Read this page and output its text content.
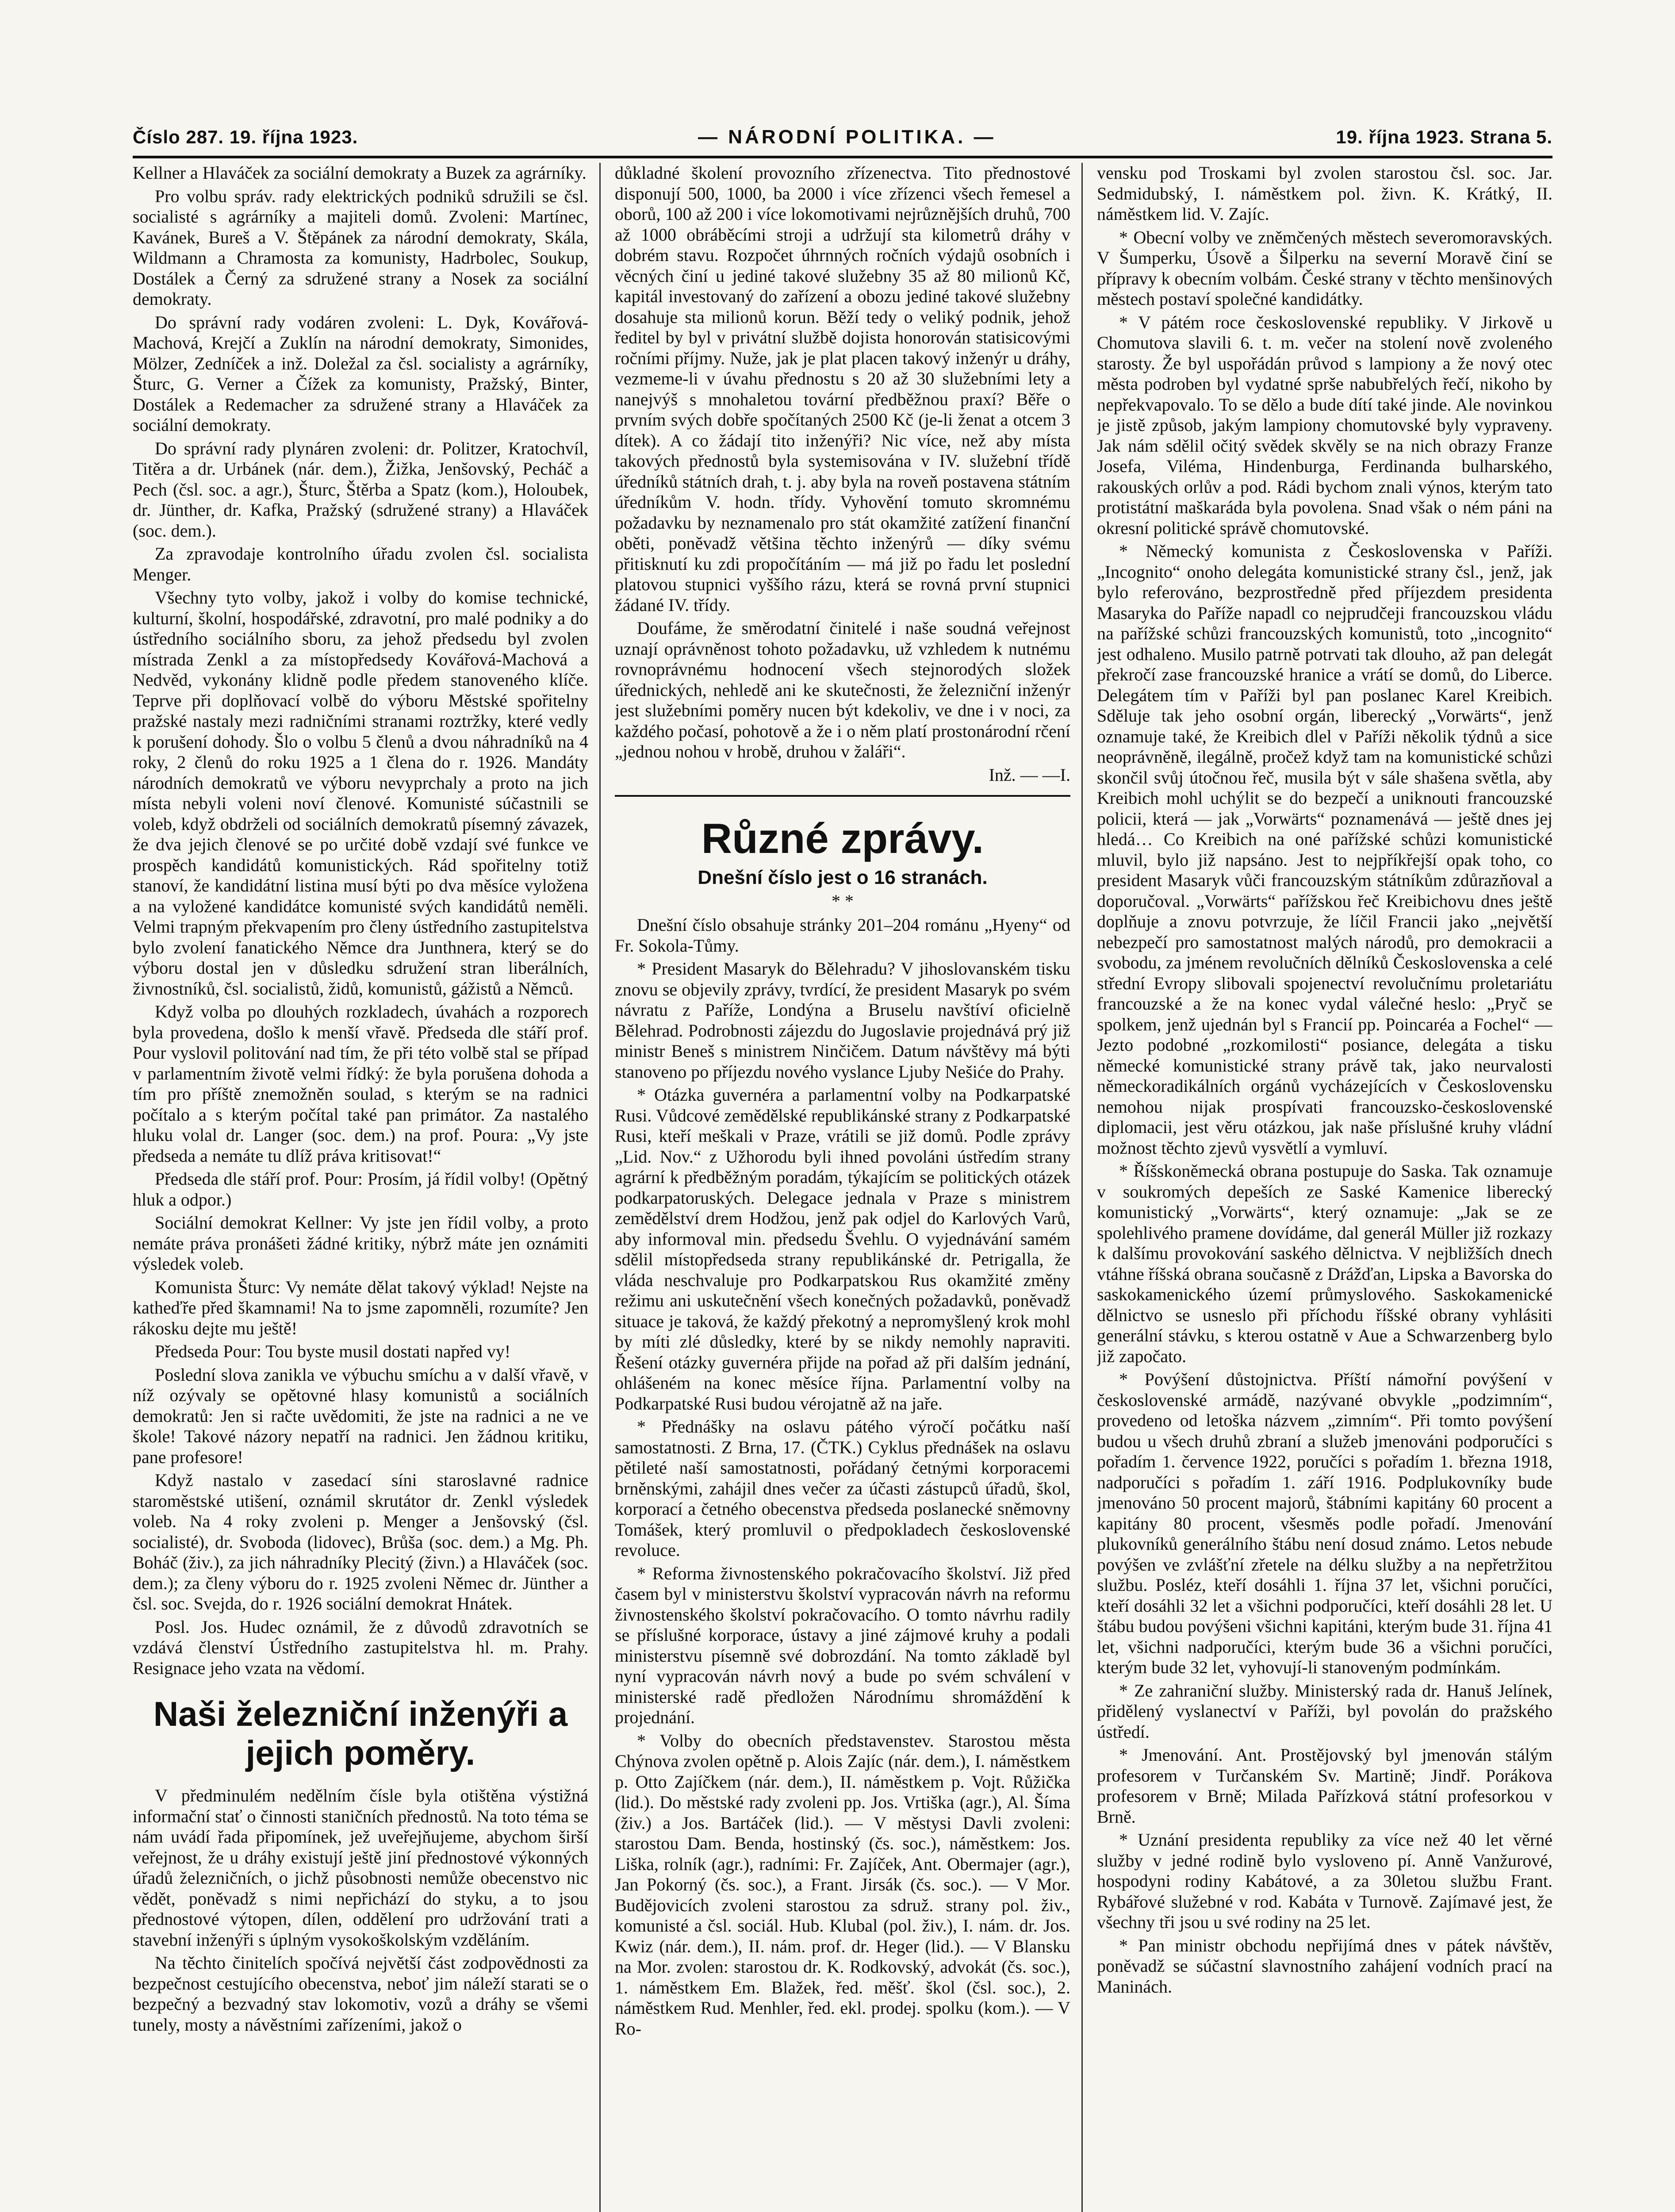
Číslo 287. 19. října 1923.	— NÁRODNÍ POLITIKA. —	19. října 1923. Strana 5.

Kellner a Hlaváček za sociální demokraty a Buzek za agrárníky.

Pro volbu správ. rady elektrických podniků sdružili se čsl. socialisté s agrárníky a majiteli domů. Zvoleni: Martínec, Kavánek, Bureš a V. Štěpánek za národní demokraty, Skála, Wildmann a Chramosta za komunisty, Hadrbolec, Soukup, Dostálek a Černý za sdružené strany a Nosek za sociální demokraty.

Do správní rady vodáren zvoleni: L. Dyk, Kovářová-Machová, Krejčí a Zuklín na národní demokraty, Simonides, Mölzer, Zedníček a inž. Doležal za čsl. socialisty a agrárníky, Šturc, G. Verner a Čížek za komunisty, Pražský, Binter, Dostálek a Redemacher za sdružené strany a Hlaváček za sociální demokraty.

Do správní rady plynáren zvoleni: dr. Politzer, Kratochvíl, Titěra a dr. Urbánek (nár. dem.), Žižka, Jenšovský, Pecháč a Pech (čsl. soc. a agr.), Šturc, Štěrba a Spatz (kom.), Holoubek, dr. Jünther, dr. Kafka, Pražský (sdružené strany) a Hlaváček (soc. dem.).

Za zpravodaje kontrolního úřadu zvolen čsl. socialista Menger.

Všechny tyto volby, jakož i volby do komise technické, kulturní, školní, hospodářské, zdravotní, pro malé podniky a do ústředního sociálního sboru, za jehož předsedu byl zvolen místrada Zenkl a za místopředsedy Kovářová-Machová a Nedvěd, vykonány klidně podle předem stanoveného klíče. Teprve při doplňovací volbě do výboru Městské spořitelny pražské nastaly mezi radničními stranami roztržky, které vedly k porušení dohody. Šlo o volbu 5 členů a dvou náhradníků na 4 roky, 2 členů do roku 1925 a 1 člena do r. 1926. Mandáty národních demokratů ve výboru nevyprchaly a proto na jich místa nebyli voleni noví členové. Komunisté súčastnili se voleb, když obdrželi od sociálních demokratů písemný závazek, že dva jejich členové se po určité době vzdají své funkce ve prospěch kandidátů komunistických. Rád spořitelny totiž stanoví, že kandidátní listina musí býti po dva měsíce vyložena a na vyložené kandidátce komunisté svých kandidátů neměli. Velmi trapným překvapením pro členy ústředního zastupitelstva bylo zvolení fanatického Němce dra Junthnera, který se do výboru dostal jen v důsledku sdružení stran liberálních, živnostníků, čsl. socialistů, židů, komunistů, gážistů a Němců.

Když volba po dlouhých rozkladech, úvahách a rozporech byla provedena, došlo k menší vřavě. Předseda dle stáří prof. Pour vyslovil politování nad tím, že při této volbě stal se případ v parlamentním životě velmi řídký: že byla porušena dohoda a tím pro příště znemožněn soulad, s kterým se na radnici počítalo a s kterým počítal také pan primátor. Za nastalého hluku volal dr. Langer (soc. dem.) na prof. Poura: „Vy jste předseda a nemáte tu dlíž práva kritisovat!“

Předseda dle stáří prof. Pour: Prosím, já řídil volby! (Opětný hluk a odpor.)

Sociální demokrat Kellner: Vy jste jen řídil volby, a proto nemáte práva pronášeti žádné kritiky, nýbrž máte jen oznámiti výsledek voleb.

Komunista Šturc: Vy nemáte dělat takový výklad! Nejste na katheďře před škamnami! Na to jsme zapomněli, rozumíte? Jen rákosku dejte mu ještě!

Předseda Pour: Tou byste musil dostati napřed vy!

Poslední slova zanikla ve výbuchu smíchu a v další vřavě, v níž ozývaly se opětovné hlasy komunistů a sociálních demokratů: Jen si račte uvědomiti, že jste na radnici a ne ve škole! Takové názory nepatří na radnici. Jen žádnou kritiku, pane profesore!

Když nastalo v zasedací síni staroslavné radnice staroměstské utišení, oznámil skrutátor dr. Zenkl výsledek voleb. Na 4 roky zvoleni p. Menger a Jenšovský (čsl. socialisté), dr. Svoboda (lidovec), Brůša (soc. dem.) a Mg. Ph. Boháč (živ.), za jich náhradníky Plecitý (živn.) a Hlaváček (soc. dem.); za členy výboru do r. 1925 zvoleni Němec dr. Jünther a čsl. soc. Svejda, do r. 1926 sociální demokrat Hnátek.

Posl. Jos. Hudec oznámil, že z důvodů zdravotních se vzdává členství Ústředního zastupitelstva hl. m. Prahy. Resignace jeho vzata na vědomí.

Naši železniční inženýři a jejich poměry.

V předminulém nedělním čísle byla otištěna výstižná informační stať o činnosti staničních přednostů. Na toto téma se nám uvádí řada připomínek, jež uveřejňujeme, abychom širší veřejnost, že u dráhy existují ještě jiní přednostové výkonných úřadů železničních, o jichž působnosti nemůže obecenstvo nic vědět, poněvadž s nimi nepřichází do styku, a to jsou přednostové výtopen, dílen, oddělení pro udržování trati a stavební inženýři s úplným vysokoškolským vzděláním.

Na těchto činitelích spočívá největší část zodpovědnosti za bezpečnost cestujícího obecenstva, neboť jim náleží starati se o bezpečný a bezvadný stav lokomotiv, vozů a dráhy se všemi tunely, mosty a návěstními zařízeními, jakož o

důkladné školení provozního zřízenectva. Tito přednostové disponují 500, 1000, ba 2000 i více zřízenci všech řemesel a oborů, 100 až 200 i více lokomotivami nejrůznějších druhů, 700 až 1000 obráběcími stroji a udržují sta kilometrů dráhy v dobrém stavu. Rozpočet úhrnných ročních výdajů osobních i věcných činí u jediné takové služebny 35 až 80 milionů Kč, kapitál investovaný do zařízení a obozu jediné takové služebny dosahuje sta milionů korun. Běží tedy o veliký podnik, jehož ředitel by byl v privátní službě dojista honorován statisicovými ročními příjmy. Nuže, jak je plat placen takový inženýr u dráhy, vezmeme-li v úvahu přednostu s 20 až 30 služebními lety a nanejvýš s mnohaletou tovární předběžnou praxí? Běře o prvním svých dobře spočítaných 2500 Kč (je-li ženat a otcem 3 dítek). A co žádají tito inženýři? Nic více, než aby místa takových přednostů byla systemisována v IV. služební třídě úředníků státních drah, t. j. aby byla na roveň postavena státním úředníkům V. hodn. třídy. Vyhovění tomuto skromnému požadavku by neznamenalo pro stát okamžité zatížení finanční oběti, poněvadž většina těchto inženýrů — díky svému přitisknutí ku zdi propočítáním — má již po řadu let poslední platovou stupnici vyššího rázu, která se rovná první stupnici žádané IV. třídy.

Doufáme, že směrodatní činitelé i naše soudná veřejnost uznají oprávněnost tohoto požadavku, už vzhledem k nutnému rovnoprávnému hodnocení všech stejnorodých složek úřednických, nehledě ani ke skutečnosti, že železniční inženýr jest služebními poměry nucen být kdekoliv, ve dne i v noci, za každého počasí, pohotově a že i o něm platí prostonárodní rčení „jednou nohou v hrobě, druhou v žaláři“.

Inž. — —I.

Různé zprávy.
Dnešní číslo jest o 16 stranách.
* *

Dnešní číslo obsahuje stránky 201–204 románu „Hyeny“ od Fr. Sokola-Tůmy.

* President Masaryk do Bělehradu? V jihoslovanském tisku znovu se objevily zprávy, tvrdící, že president Masaryk po svém návratu z Paříže, Londýna a Bruselu navštíví oficielně Bělehrad. Podrobnosti zájezdu do Jugoslavie projednává prý již ministr Beneš s ministrem Ninčičem. Datum návštěvy má býti stanoveno po příjezdu nového vyslance Ljuby Nešiće do Prahy.

* Otázka guvernéra a parlamentní volby na Podkarpatské Rusi. Vůdcové zemědělské republikánské strany z Podkarpatské Rusi, kteří meškali v Praze, vrátili se již domů. Podle zprávy „Lid. Nov.“ z Užhorodu byli ihned povoláni ústředím strany agrární k předběžným poradám, týkajícím se politických otázek podkarpatoruských. Delegace jednala v Praze s ministrem zemědělství drem Hodžou, jenž pak odjel do Karlových Varů, aby informoval min. předsedu Švehlu. O vyjednávání samém sdělil místopředseda strany republikánské dr. Petrigalla, že vláda neschvaluje pro Podkarpatskou Rus okamžité změny režimu ani uskutečnění všech konečných požadavků, poněvadž situace je taková, že každý překotný a nepromyšlený krok mohl by míti zlé důsledky, které by se nikdy nemohly napraviti. Řešení otázky guvernéra přijde na pořad až při dalším jednání, ohlášeném na konec měsíce října. Parlamentní volby na Podkarpatské Rusi budou vérojatně až na jaře.

* Přednášky na oslavu pátého výročí počátku naší samostatnosti. Z Brna, 17. (ČTK.) Cyklus přednášek na oslavu pětileté naší samostatnosti, pořádaný četnými korporacemi brněnskými, zahájil dnes večer za účasti zástupců úřadů, škol, korporací a četného obecenstva předseda poslanecké sněmovny Tomášek, který promluvil o předpokladech československé revoluce.

* Reforma živnostenského pokračovacího školství. Již před časem byl v ministerstvu školství vypracován návrh na reformu živnostenského školství pokračovacího. O tomto návrhu radily se příslušné korporace, ústavy a jiné zájmové kruhy a podali ministerstvu písemně své dobrozdání. Na tomto základě byl nyní vypracován návrh nový a bude po svém schválení v ministerské radě předložen Národnímu shromáždění k projednání.

* Volby do obecních představenstev. Starostou města Chýnova zvolen opětně p. Alois Zajíc (nár. dem.), I. náměstkem p. Otto Zajíčkem (nár. dem.), II. náměstkem p. Vojt. Růžička (lid.). Do městské rady zvoleni pp. Jos. Vrtiška (agr.), Al. Šíma (živ.) a Jos. Bartáček (lid.). — V městysi Davli zvoleni: starostou Dam. Benda, hostinský (čs. soc.), náměstkem: Jos. Liška, rolník (agr.), radními: Fr. Zajíček, Ant. Obermajer (agr.), Jan Pokorný (čs. soc.), a Frant. Jirsák (čs. soc.). — V Mor. Budějovicích zvoleni starostou za sdruž. strany pol. živ., komunisté a čsl. sociál. Hub. Klubal (pol. živ.), I. nám. dr. Jos. Kwiz (nár. dem.), II. nám. prof. dr. Heger (lid.). — V Blansku na Mor. zvolen: starostou dr. K. Rodkovský, advokát (čs. soc.), 1. náměstkem Em. Blažek, řed. měšť. škol (čsl. soc.), 2. náměstkem Rud. Menhler, řed. ekl. prodej. spolku (kom.). — V Ro-

vensku pod Troskami byl zvolen starostou čsl. soc. Jar. Sedmidubský, I. náměstkem pol. živn. K. Krátký, II. náměstkem lid. V. Zajíc.

* Obecní volby ve zněmčených městech severomoravských. V Šumperku, Úsově a Šilperku na severní Moravě činí se přípravy k obecním volbám. České strany v těchto menšinových městech postaví společné kandidátky.

* V pátém roce československé republiky. V Jirkově u Chomutova slavili 6. t. m. večer na stolení nově zvoleného starosty. Že byl uspořádán průvod s lampiony a že nový otec města podroben byl vydatné sprše nabubřelých řečí, nikoho by nepřekvapovalo. To se dělo a bude dítí také jinde. Ale novinkou je jistě způsob, jakým lampiony chomutovské byly vypraveny. Jak nám sdělil očitý svědek skvěly se na nich obrazy Franze Josefa, Viléma, Hindenburga, Ferdinanda bulharského, rakouských orlův a pod. Rádi bychom znali výnos, kterým tato protistátní maškaráda byla povolena. Snad však o ném páni na okresní politické správě chomutovské.

* Německý komunista z Československa v Paříži. „Incognito“ onoho delegáta komunistické strany čsl., jenž, jak bylo referováno, bezprostředně před příjezdem presidenta Masaryka do Paříže napadl co nejprudčeji francouzskou vládu na pařížské schůzi francouzských komunistů, toto „incognito“ jest odhaleno. Musilo patrně potrvati tak dlouho, až pan delegát překročí zase francouzské hranice a vrátí se domů, do Liberce. Delegátem tím v Paříži byl pan poslanec Karel Kreibich. Sděluje tak jeho osobní orgán, liberecký „Vorwärts“, jenž oznamuje také, že Kreibich dlel v Paříži několik týdnů a sice neoprávněně, ilegálně, pročež když tam na komunistické schůzi skončil svůj útočnou řeč, musila být v sále shašena světla, aby Kreibich mohl uchýlit se do bezpečí a uniknouti francouzské policii, která — jak „Vorwärts“ poznamenává — ještě dnes jej hledá… Co Kreibich na oné pařížské schůzi komunistické mluvil, bylo již napsáno. Jest to nejpříkřejší opak toho, co president Masaryk vůči francouzským státníkům zdůrazňoval a doporučoval. „Vorwärts“ pařížskou řeč Kreibichovu dnes ještě doplňuje a znovu potvrzuje, že líčil Francii jako „největší nebezpečí pro samostatnost malých národů, pro demokracii a svobodu, za jménem revolučních dělníků Československa a celé střední Evropy slibovali spojenectví revolučnímu proletariátu francouzské a že na konec vydal válečné heslo: „Pryč se spolkem, jenž ujednán byl s Francií pp. Poincaréa a Fochel“ — Jezto podobné „rozkomilosti“ posiance, delegáta a tisku německé komunistické strany právě tak, jako neurvalosti německoradikálních orgánů vycházejících v Československu nemohou nijak prospívati francouzsko-československé diplomacii, jest věru otázkou, jak naše příslušné kruhy vládní možnost těchto zjevů vysvětlí a vymluví.

* Říšskoněmecká obrana postupuje do Saska. Tak oznamuje v soukromých depeších ze Saské Kamenice liberecký komunistický „Vorwärts“, který oznamuje: „Jak se ze spolehlivého pramene dovídáme, dal generál Müller již rozkazy k dalšímu provokování saského dělnictva. V nejbližších dnech vtáhne říšská obrana současně z Drážďan, Lipska a Bavorska do saskokamenického území průmyslového. Saskokamenické dělnictvo se usneslo při příchodu říšské obrany vyhlásiti generální stávku, s kterou ostatně v Aue a Schwarzenberg bylo již započato.

* Povýšení důstojnictva. Příští námořní povýšení v československé armádě, nazývané obvykle „podzimním“, provedeno od letoška názvem „zimním“. Při tomto povýšení budou u všech druhů zbraní a služeb jmenováni podporučíci s pořadím 1. července 1922, poručíci s pořadím 1. března 1918, nadporučíci s pořadím 1. září 1916. Podplukovníky bude jmenováno 50 procent majorů, štábními kapitány 60 procent a kapitány 80 procent, všesměs podle pořadí. Jmenování plukovníků generálního štábu není dosud známo. Letos nebude povýšen ve zvlášťní zřetele na délku služby a na nepřetržitou službu. Posléz, kteří dosáhli 1. října 37 let, všichni poručíci, kteří dosáhli 32 let a všichni podporučíci, kteří dosáhli 28 let. U štábu budou povýšeni všichni kapitáni, kterým bude 31. října 41 let, všichni nadporučíci, kterým bude 36 a všichni poručíci, kterým bude 32 let, vyhovují-li stanoveným podmínkám.

* Ze zahraniční služby. Ministerský rada dr. Hanuš Jelínek, přidělený vyslanectví v Paříži, byl povolán do pražského ústředí.

* Jmenování. Ant. Prostějovský byl jmenován stálým profesorem v Turčanském Sv. Martině; Jindř. Porákova profesorem v Brně; Milada Pařízková státní profesorkou v Brně.

* Uznání presidenta republiky za více než 40 let věrné služby v jedné rodině bylo vysloveno pí. Anně Vanžurové, hospodyni rodiny Kabátové, a za 30letou službu Frant. Rybářové služebné v rod. Kabáta v Turnově. Zajímavé jest, že všechny tři jsou u své rodiny na 25 let.

* Pan ministr obchodu nepřijímá dnes v pátek návštěv, poněvadž se súčastní slavnostního zahájení vodních prací na Maninách.
